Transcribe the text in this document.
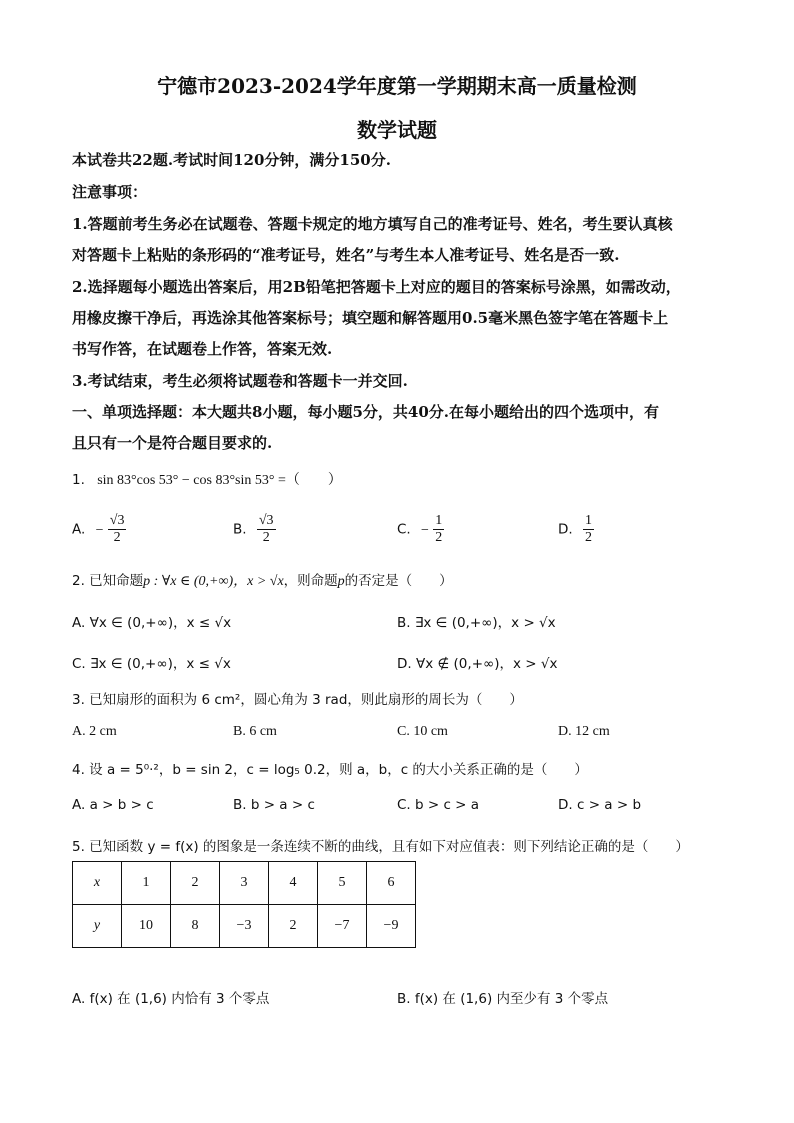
宁德市2023-2024学年度第一学期期末高一质量检测
数学试题
本试卷共22题.考试时间120分钟，满分150分.
注意事项：
1.答题前考生务必在试题卷、答题卡规定的地方填写自己的准考证号、姓名，考生要认真核
对答题卡上粘贴的条形码的“准考证号，姓名”与考生本人准考证号、姓名是否一致.
2.选择题每小题选出答案后，用2B铅笔把答题卡上对应的题目的答案标号涂黑，如需改动，
用橡皮擦干净后，再选涂其他答案标号；填空题和解答题用0.5毫米黑色签字笔在答题卡上
书写作答，在试题卷上作答，答案无效.
3.考试结束，考生必须将试题卷和答题卡一并交回.
一、单项选择题：本大题共8小题，每小题5分，共40分.在每小题给出的四个选项中，有
且只有一个是符合题目要求的.
1. sin 83°cos 53° − cos 83°sin 53° =（　　）
A. − $\frac{√3}{2}$	B. $\frac{√3}{2}$	C. − $\frac{1}{2}$	D. $\frac{1}{2}$
2. 已知命题p : ∀x ∈ (0,+∞)，x > √x，则命题p的否定是（　　）
A. ∀x ∈ (0,+∞)，x ≤ √x	B. ∃x ∈ (0,+∞)，x > √x
C. ∃x ∈ (0,+∞)，x ≤ √x	D. ∀x ∉ (0,+∞)，x > √x
3. 已知扇形的面积为 6 cm²，圆心角为 3 rad，则此扇形的周长为（　　）
A. 2 cm	B. 6 cm	C. 10 cm	D. 12 cm
4. 设 a = 5⁰·²，b = sin 2，c = log₅ 0.2，则 a，b，c 的大小关系正确的是（　　）
A. a > b > c	B. b > a > c	C. b > c > a	D. c > a > b
5. 已知函数 y = f(x) 的图象是一条连续不断的曲线，且有如下对应值表：则下列结论正确的是（　　）
x	1	2	3	4	5	6
y	10	8	−3	2	−7	−9
A. f(x) 在 (1,6) 内恰有 3 个零点	B. f(x) 在 (1,6) 内至少有 3 个零点
